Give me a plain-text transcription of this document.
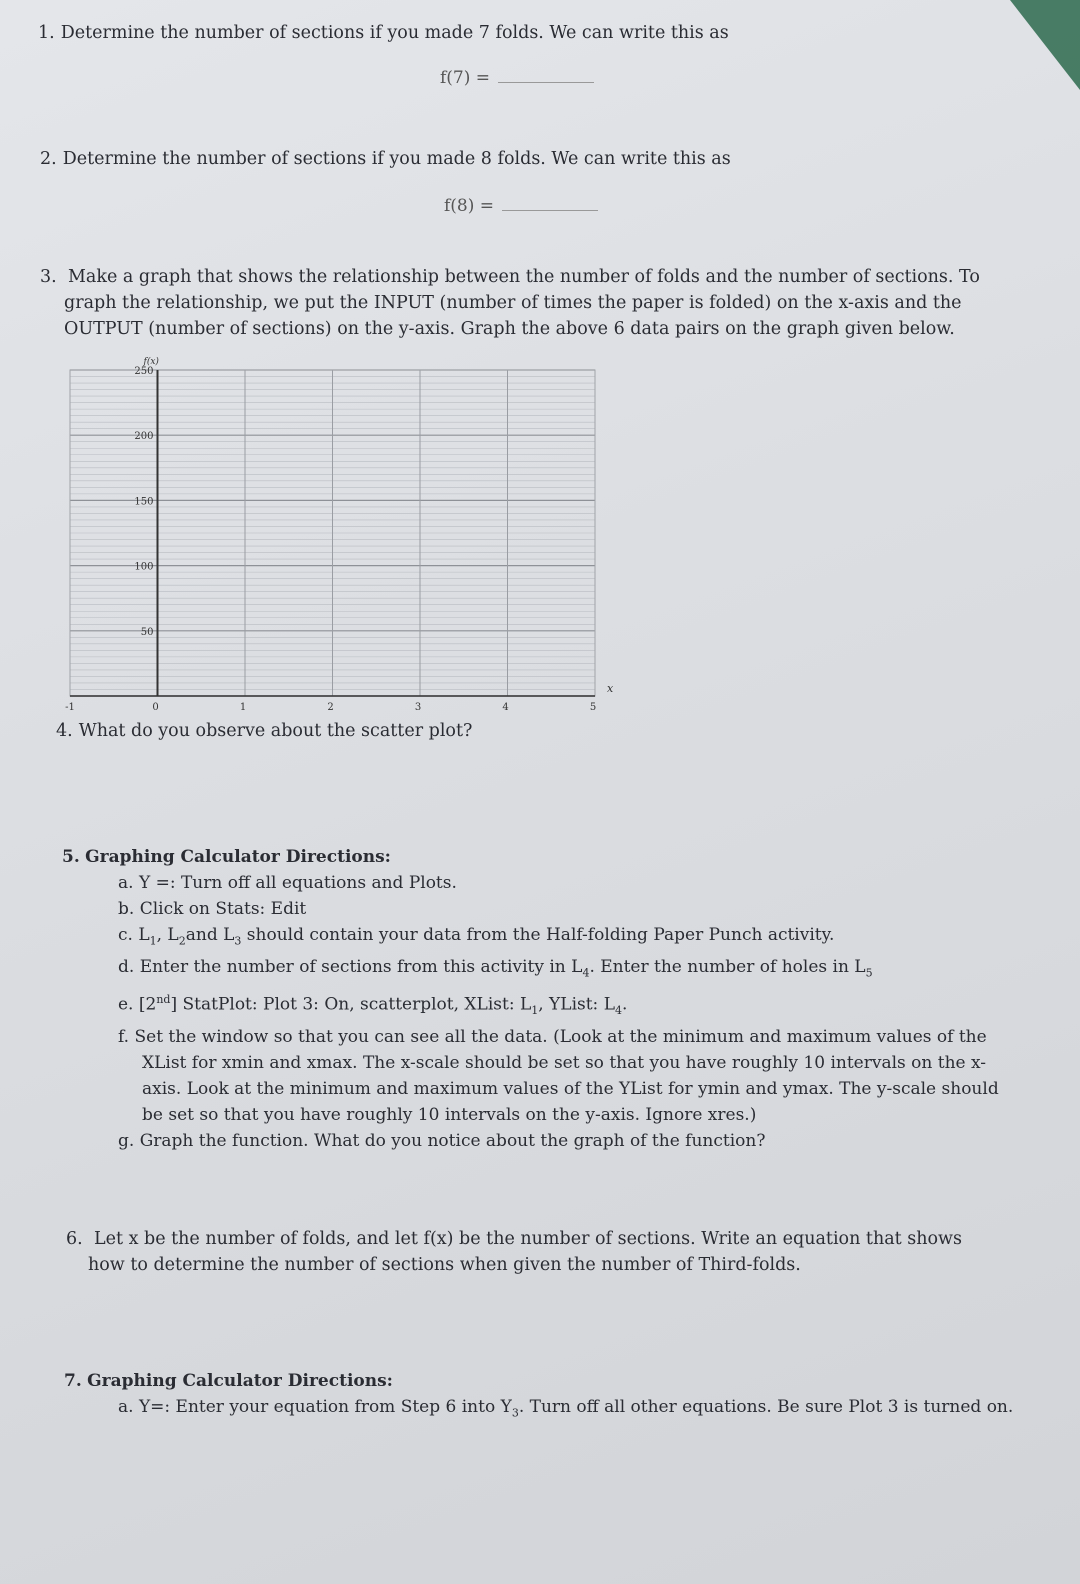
1. Determine the number of sections if you made 7 folds. We can write this as
f(7) =
2. Determine the number of sections if you made 8 folds. We can write this as
f(8) =
3. Make a graph that shows the relationship between the number of folds and the number of sections. To graph the relationship, we put the INPUT (number of times the paper is folded) on the x-axis and the OUTPUT (number of sections) on the y-axis. Graph the above 6 data pairs on the graph given below.
50
100
150
200
250
-1	0	1	2	3	4	5
f(x)
x
4. What do you observe about the scatter plot?
5. Graphing Calculator Directions:
a. Y =: Turn off all equations and Plots.
b. Click on Stats: Edit
c. $L_1$, $L_2and$ $L_3$ should contain your data from the Half-folding Paper Punch activity.
d. Enter the number of sections from this activity in $L_4$. Enter the number of holes in $L_5$
e. [2nd] StatPlot: Plot 3: On, scatterplot, XList: $L_1$, YList: $L_4$.
f. Set the window so that you can see all the data. (Look at the minimum and maximum values of the XList for xmin and xmax. The x-scale should be set so that you have roughly 10 intervals on the x-axis. Look at the minimum and maximum values of the YList for ymin and ymax. The y-scale should be set so that you have roughly 10 intervals on the y-axis. Ignore xres.)
g. Graph the function. What do you notice about the graph of the function?
6. Let x be the number of folds, and let f(x) be the number of sections. Write an equation that shows how to determine the number of sections when given the number of Third-folds.
7. Graphing Calculator Directions:
a. Y=: Enter your equation from Step 6 into $Y_3$. Turn off all other equations. Be sure Plot 3 is turned on.
